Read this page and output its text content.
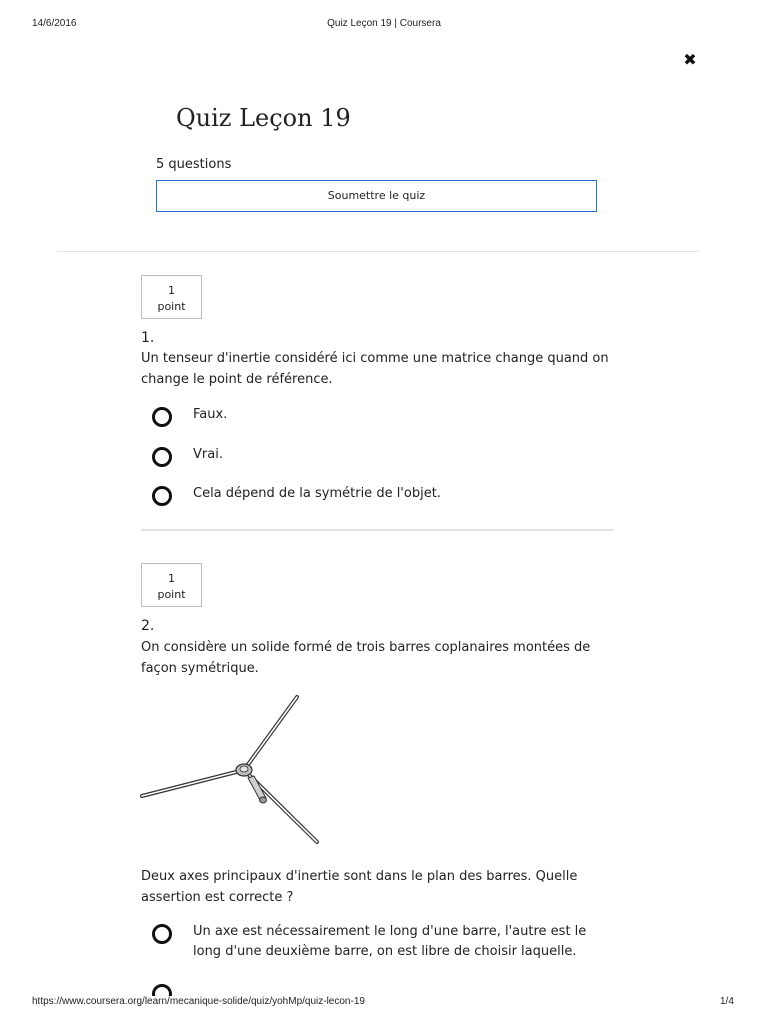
14/6/2016	Quiz Leçon 19 | Coursera
✖
Quiz Leçon 19
5 questions
Soumettre le quiz
1
point
1.
Un tenseur d'inertie considéré ici comme une matrice change quand on change le point de référence.
Faux.
Vrai.
Cela dépend de la symétrie de l'objet.
1
point
2.
On considère un solide formé de trois barres coplanaires montées de façon symétrique.
Deux axes principaux d'inertie sont dans le plan des barres. Quelle assertion est correcte ?
Un axe est nécessairement le long d'une barre, l'autre est le long d'une deuxième barre, on est libre de choisir laquelle.
https://www.coursera.org/learn/mecanique-solide/quiz/yohMp/quiz-lecon-19	1/4
